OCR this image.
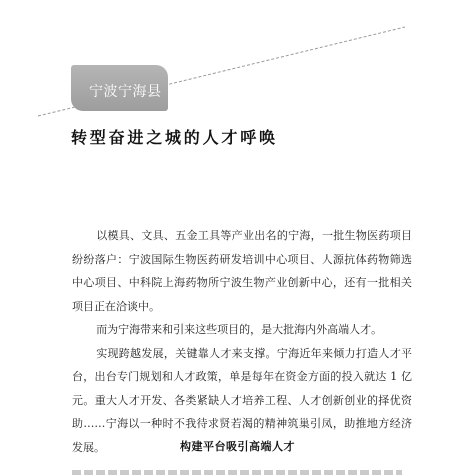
宁波宁海县
转型奋进之城的人才呼唤

以模具、文具、五金工具等产业出名的宁海，一批生物医药项目纷纷落户：宁波国际生物医药研发培训中心项目、人源抗体药物筛选中心项目、中科院上海药物所宁波生物产业创新中心，还有一批相关项目正在洽谈中。

而为宁海带来和引来这些项目的，是大批海内外高端人才。

实现跨越发展，关键靠人才来支撑。宁海近年来倾力打造人才平台，出台专门规划和人才政策，单是每年在资金方面的投入就达 1 亿元。重大人才开发、各类紧缺人才培养工程、人才创新创业的择优资助……宁海以一种时不我待求贤若渴的精神筑巢引凤，助推地方经济发展。	构建平台吸引高端人才
